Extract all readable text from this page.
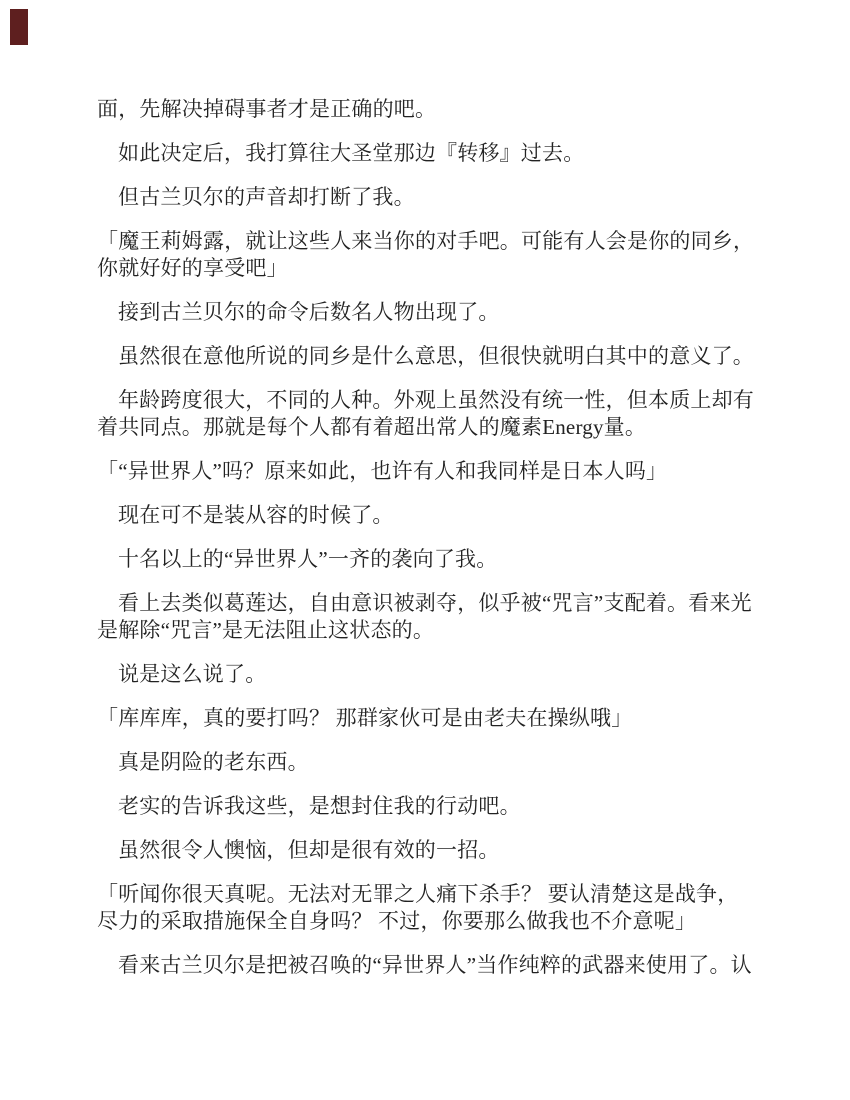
面，先解决掉碍事者才是正确的吧。

如此决定后，我打算往大圣堂那边『转移』过去。

但古兰贝尔的声音却打断了我。

「魔王莉姆露，就让这些人来当你的对手吧。可能有人会是你的同乡，你就好好的享受吧」

接到古兰贝尔的命令后数名人物出现了。

虽然很在意他所说的同乡是什么意思，但很快就明白其中的意义了。

年龄跨度很大，不同的人种。外观上虽然没有统一性，但本质上却有着共同点。那就是每个人都有着超出常人的魔素Energy量。

「“异世界人”吗？原来如此，也许有人和我同样是日本人吗」

现在可不是装从容的时候了。

十名以上的“异世界人”一齐的袭向了我。

看上去类似葛莲达，自由意识被剥夺，似乎被“咒言”支配着。看来光是解除“咒言”是无法阻止这状态的。

说是这么说了。

「库库库，真的要打吗？ 那群家伙可是由老夫在操纵哦」

真是阴险的老东西。

老实的告诉我这些，是想封住我的行动吧。

虽然很令人懊恼，但却是很有效的一招。

「听闻你很天真呢。无法对无罪之人痛下杀手？ 要认清楚这是战争，尽力的采取措施保全自身吗？ 不过，你要那么做我也不介意呢」

看来古兰贝尔是把被召唤的“异世界人”当作纯粹的武器来使用了。认
